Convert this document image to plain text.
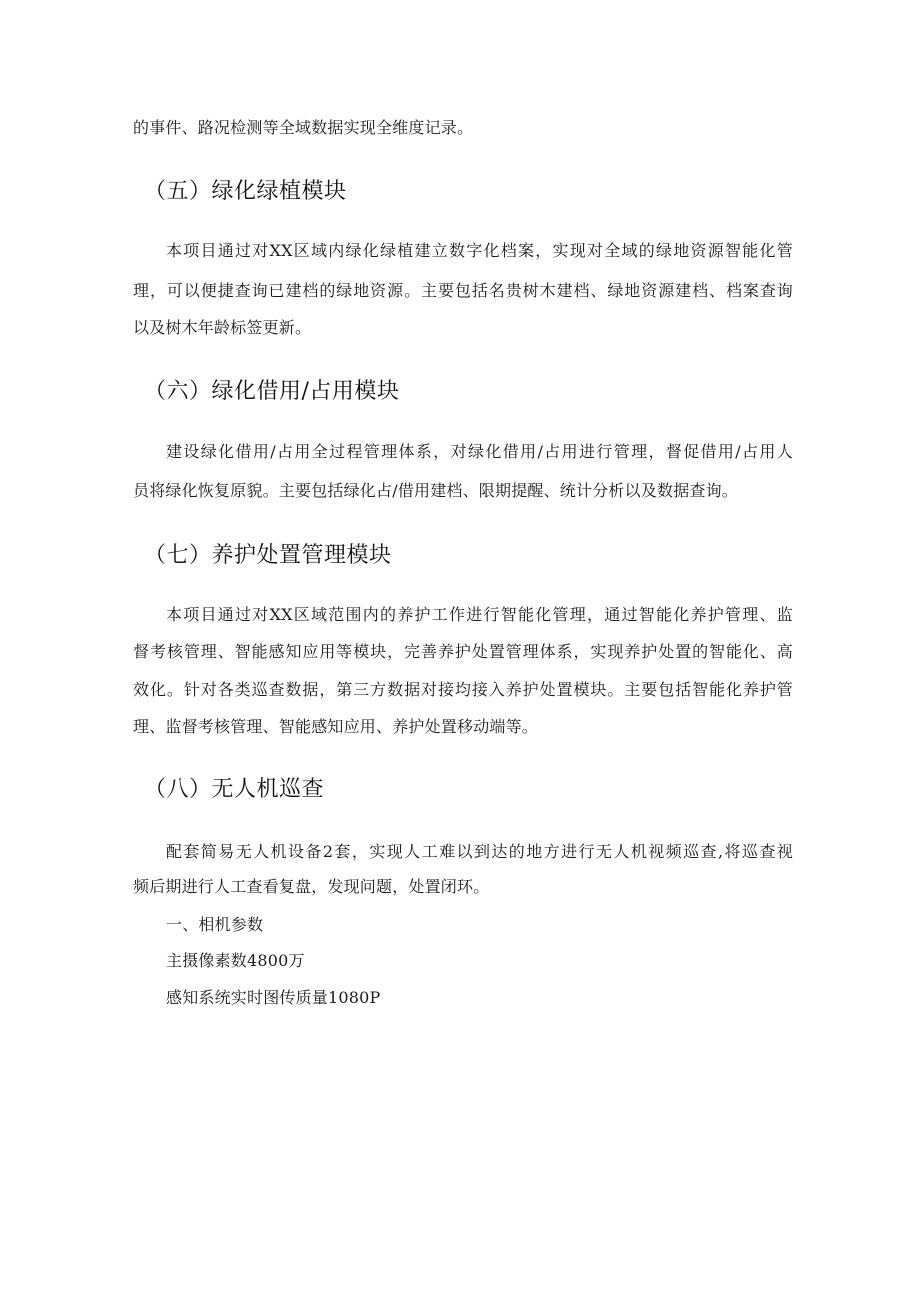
的事件、路况检测等全域数据实现全维度记录。
（五）绿化绿植模块
本项目通过对XX区域内绿化绿植建立数字化档案，实现对全域的绿地资源智能化管
理，可以便捷查询已建档的绿地资源。主要包括名贵树木建档、绿地资源建档、档案查询
以及树木年龄标签更新。
（六）绿化借用/占用模块
建设绿化借用/占用全过程管理体系，对绿化借用/占用进行管理，督促借用/占用人
员将绿化恢复原貌。主要包括绿化占/借用建档、限期提醒、统计分析以及数据查询。
（七）养护处置管理模块
本项目通过对XX区域范围内的养护工作进行智能化管理，通过智能化养护管理、监
督考核管理、智能感知应用等模块，完善养护处置管理体系，实现养护处置的智能化、高
效化。针对各类巡查数据，第三方数据对接均接入养护处置模块。主要包括智能化养护管
理、监督考核管理、智能感知应用、养护处置移动端等。
（八）无人机巡查
配套简易无人机设备2套，实现人工难以到达的地方进行无人机视频巡查,将巡查视
频后期进行人工查看复盘，发现问题，处置闭环。
一、相机参数
主摄像素数4800万
感知系统实时图传质量1080P
